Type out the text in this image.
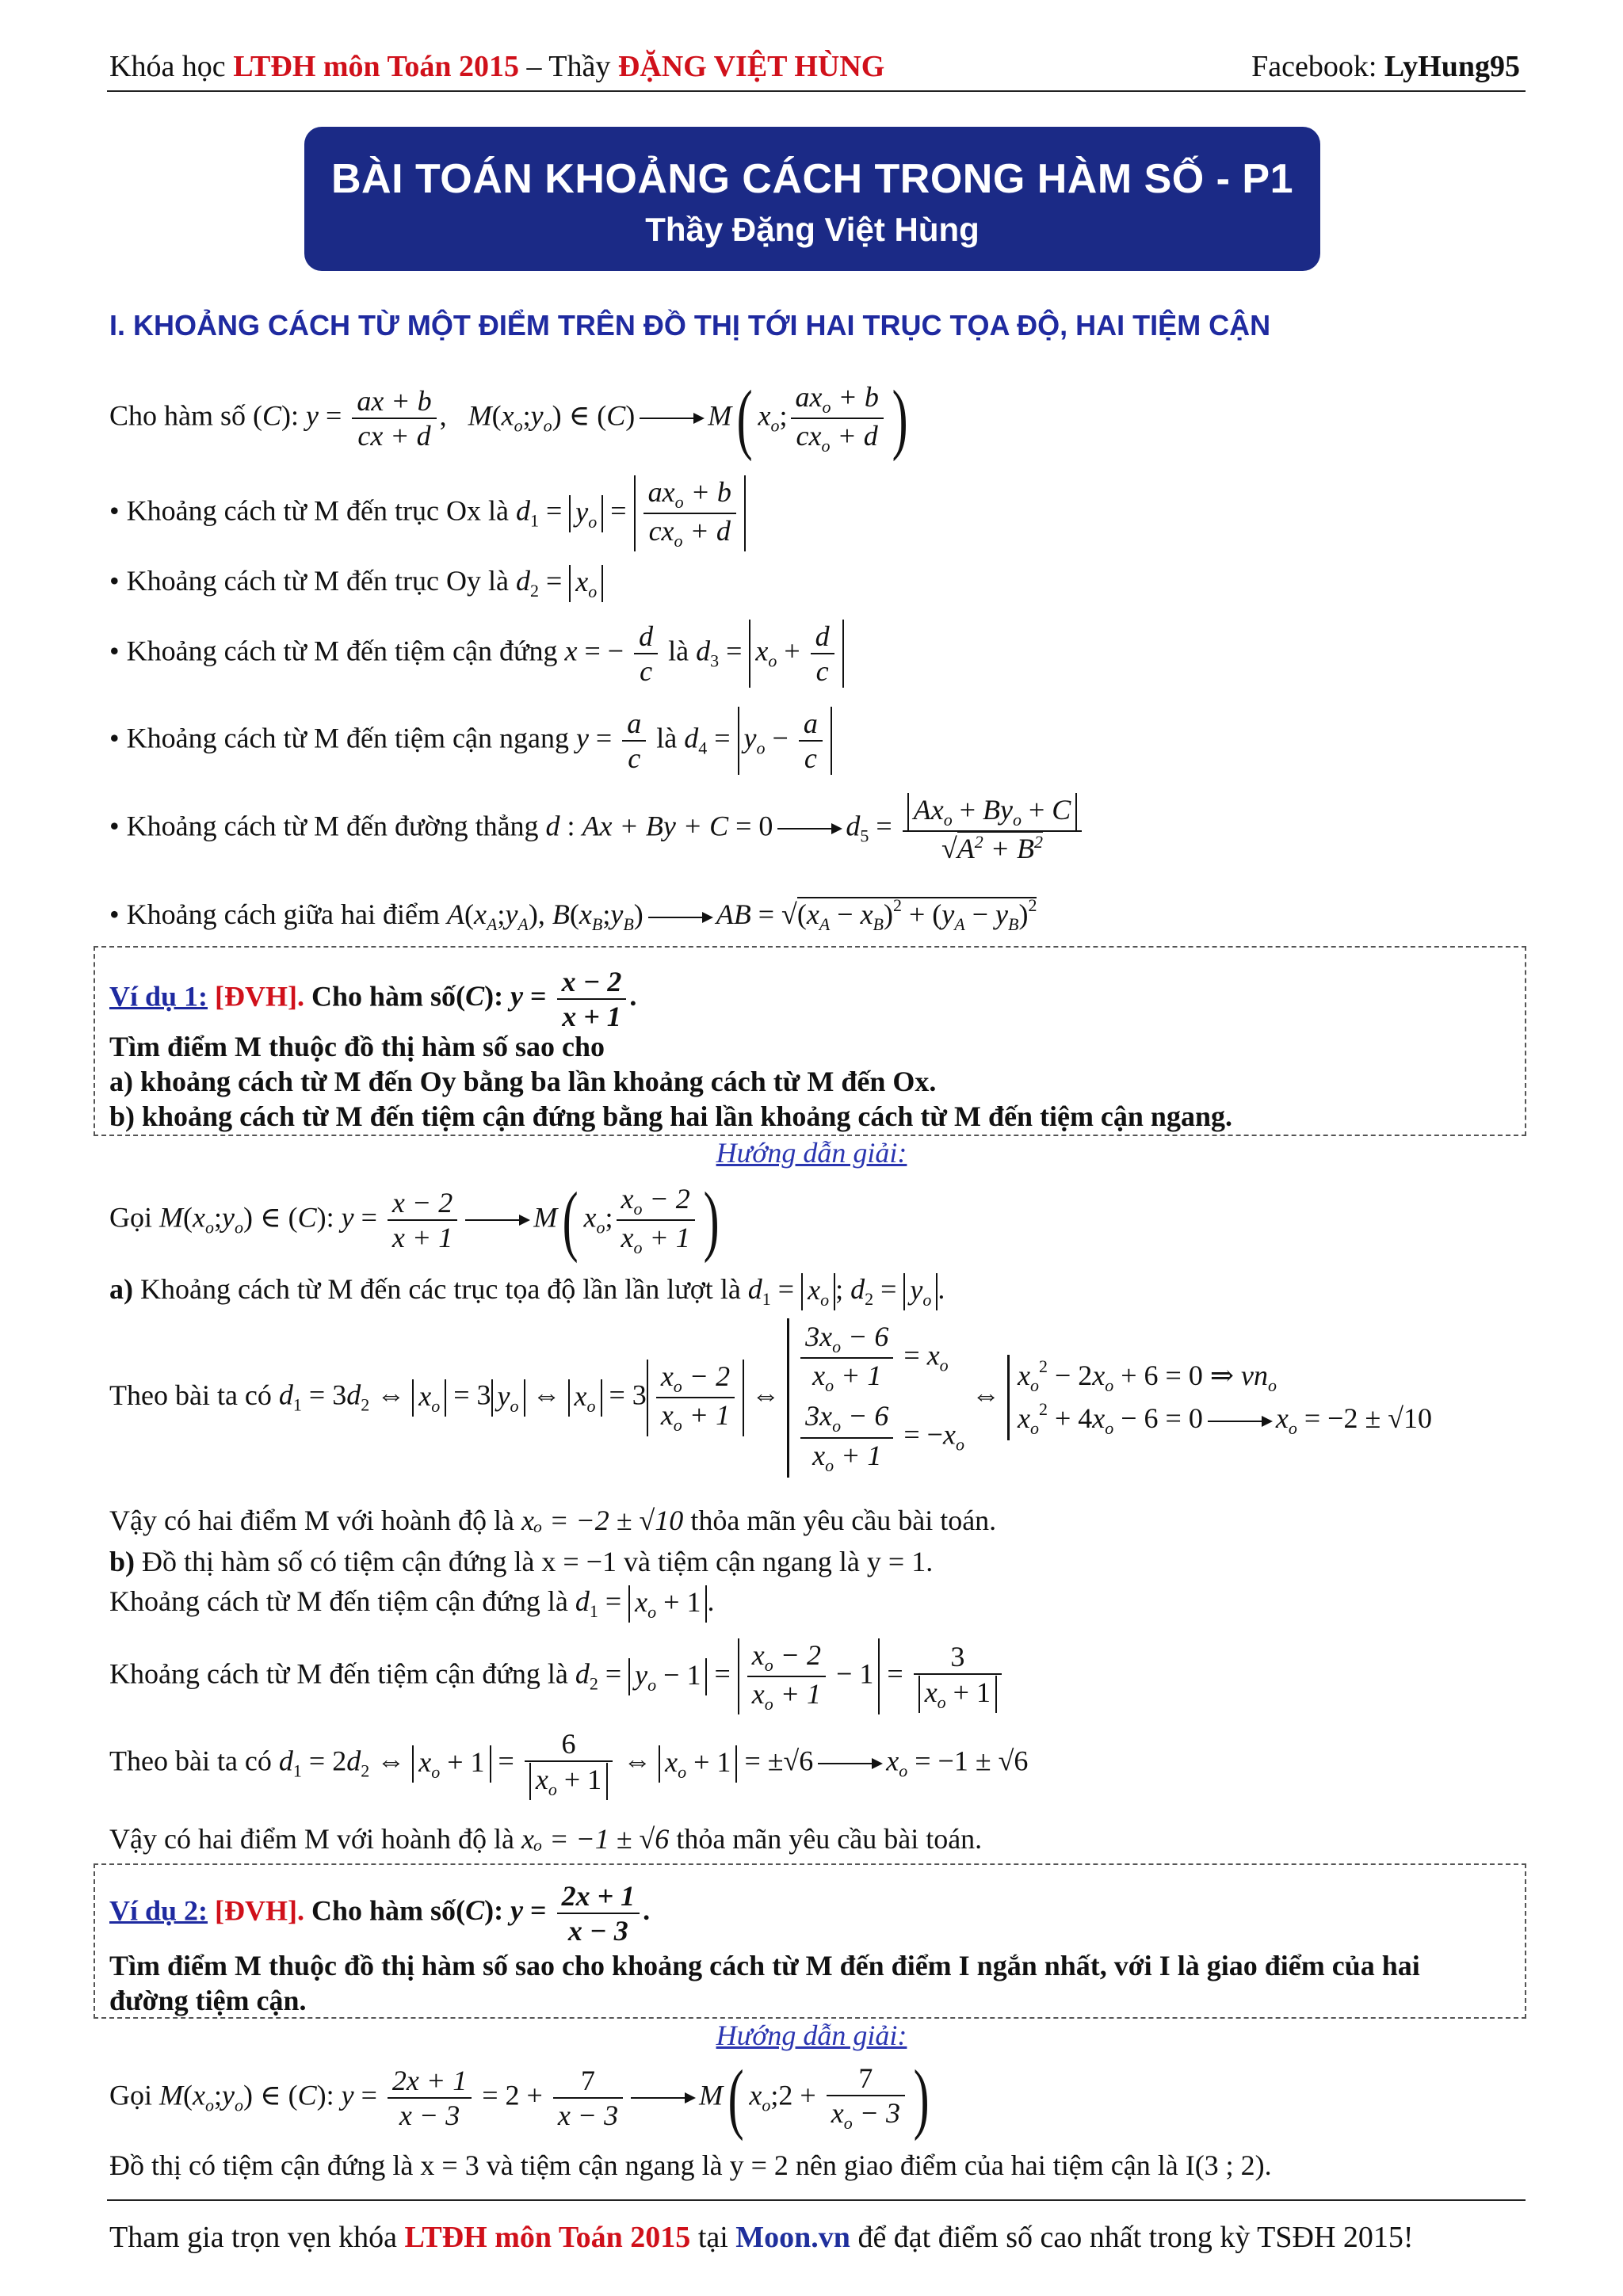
Khóa học LTĐH môn Toán 2015 – Thầy ĐẶNG VIỆT HÙNG	Facebook: LyHung95
BÀI TOÁN KHOẢNG CÁCH TRONG HÀM SỐ - P1
Thầy Đặng Việt Hùng
I. KHOẢNG CÁCH TỪ MỘT ĐIỂM TRÊN ĐỒ THỊ TỚI HAI TRỤC TỌA ĐỘ, HAI TIỆM CẬN
Cho hàm số (C): $y = \frac{ax + b}{cx + d}$ ,   $M(x_o;y_o)$ ∈ (C)	M( $x_o$; $\frac{ax_o + b}{cx_o + d}$ )
• Khoảng cách từ M đến trục Ox là $d_1 = y_o = \frac{ax_o + b}{cx_o + d}$
• Khoảng cách từ M đến trục Oy là $d_2 = x_o$
• Khoảng cách từ M đến tiệm cận đứng x = − $\frac{d}{c}$ là $d_3 = x_o + \frac{d}{c}$
• Khoảng cách từ M đến tiệm cận ngang $y = \frac{a}{c}$ là $d_4 = y_o - \frac{a}{c}$
• Khoảng cách từ M đến đường thẳng d : Ax + By + C = 0	$d_5 = \frac{Ax_o + By_o + C}{√A^2 + B^2}$
• Khoảng cách giữa hai điểm $A(x_A;y_A)$, $B(x_B;y_B)$	AB = $√(x_A - x_B)^2 + (y_A - y_B)^2$
Ví dụ 1: [ĐVH]. Cho hàm số(C): $y = \frac{x - 2}{x + 1}$ .
Tìm điểm M thuộc đồ thị hàm số sao cho
a) khoảng cách từ M đến Oy bằng ba lần khoảng cách từ M đến Ox.
b) khoảng cách từ M đến tiệm cận đứng bằng hai lần khoảng cách từ M đến tiệm cận ngang.
Hướng dẫn giải:
Gọi $M(x_o;y_o)$ ∈ (C): $y = \frac{x - 2}{x + 1}$	M( $x_o$; $\frac{x_o - 2}{x_o + 1}$ )
a) Khoảng cách từ M đến các trục tọa độ lần lần lượt là $d_1 = x_o$ ; $d_2 = y_o$ .
Theo bài ta có $d_1 = 3d_2$ ⇔ $x_o = 3$ $y_o$ ⇔ $x_o = 3 \frac{x_o - 2}{x_o + 1}$ ⇔ $\frac{3x_o - 6}{x_o + 1} = x_o$
$\frac{3x_o - 6}{x_o + 1} = -x_o$
⇔
$x_o^2 - 2x_o + 6 = 0$ ⇒ $vn_o$
$x_o^2 + 4x_o - 6 = 0$	$x_o = -2 \pm √10$
Vậy có hai điểm M với hoành độ là xₒ = −2 ± √10 thỏa mãn yêu cầu bài toán.
b) Đồ thị hàm số có tiệm cận đứng là x = −1 và tiệm cận ngang là y = 1.
Khoảng cách từ M đến tiệm cận đứng là $d_1 = x_o + 1$ .
Khoảng cách từ M đến tiệm cận đứng là $d_2 = y_o - 1 = \frac{x_o - 2}{x_o + 1} - 1 = \frac{3}{x_o + 1}$
Theo bài ta có $d_1 = 2d_2$ ⇔ $x_o + 1 = \frac{6}{x_o + 1}$ ⇔ $x_o + 1 = \pm√6$	$x_o = -1 \pm √6$
Vậy có hai điểm M với hoành độ là xₒ = −1 ± √6 thỏa mãn yêu cầu bài toán.
Ví dụ 2: [ĐVH]. Cho hàm số(C): $y = \frac{2x + 1}{x - 3}$ .
Tìm điểm M thuộc đồ thị hàm số sao cho khoảng cách từ M đến điểm I ngắn nhất, với I là giao điểm của hai
đường tiệm cận.
Hướng dẫn giải:
Gọi $M(x_o;y_o)$ ∈ (C): $y = \frac{2x + 1}{x - 3} = 2 + \frac{7}{x - 3}$	M( $x_o;2 + \frac{7}{x_o - 3}$ )
Đồ thị có tiệm cận đứng là x = 3 và tiệm cận ngang là y = 2 nên giao điểm của hai tiệm cận là I(3 ; 2).
Tham gia trọn vẹn khóa LTĐH môn Toán 2015 tại Moon.vn để đạt điểm số cao nhất trong kỳ TSĐH 2015!
